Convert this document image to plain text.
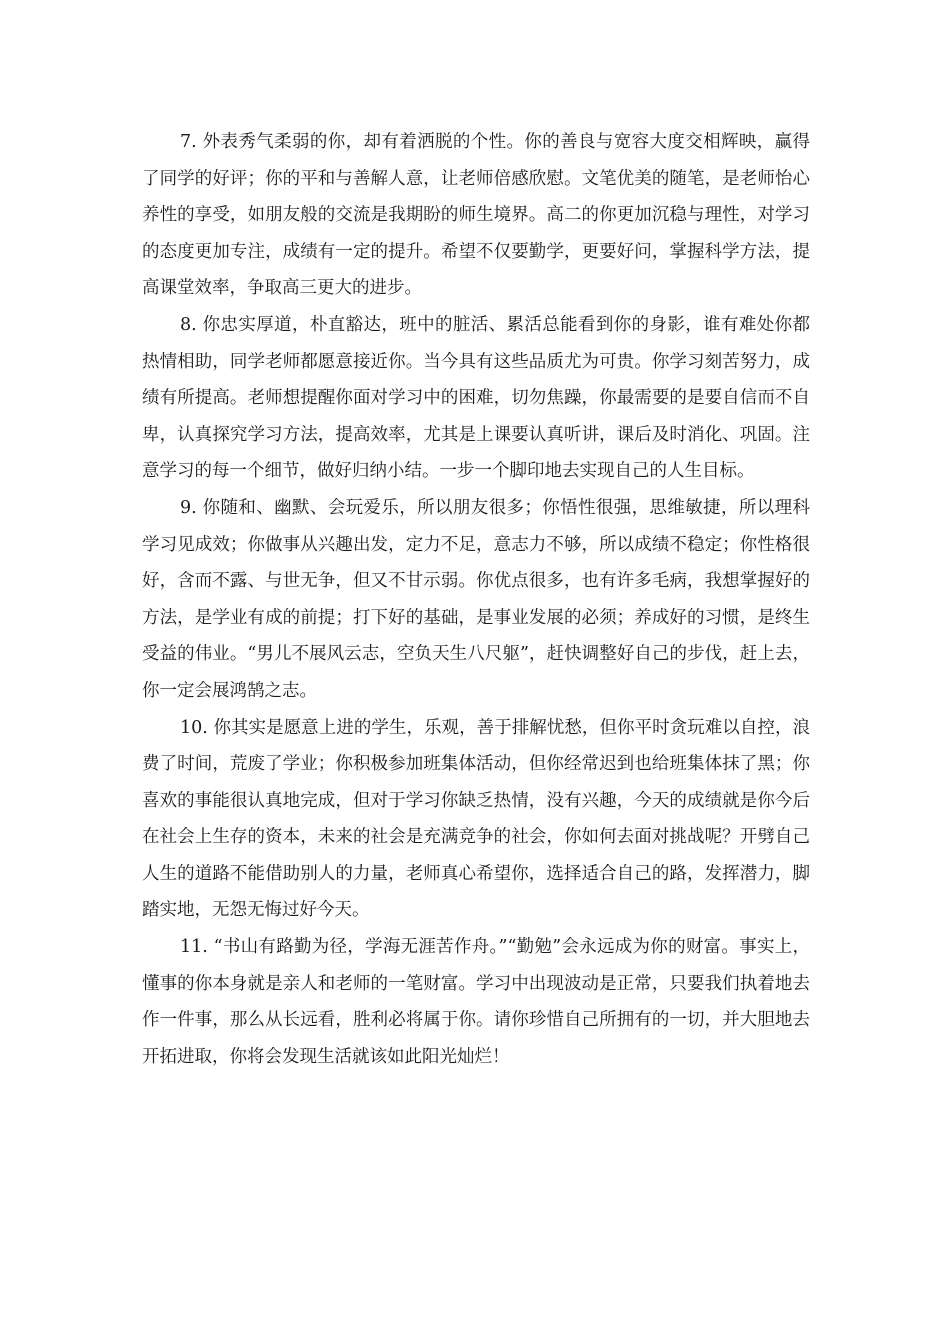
7. 外表秀气柔弱的你，却有着洒脱的个性。你的善良与宽容大度交相辉映，赢得了同学的好评；你的平和与善解人意，让老师倍感欣慰。文笔优美的随笔，是老师怡心养性的享受，如朋友般的交流是我期盼的师生境界。高二的你更加沉稳与理性，对学习的态度更加专注，成绩有一定的提升。希望不仅要勤学，更要好问，掌握科学方法，提高课堂效率，争取高三更大的进步。

8. 你忠实厚道，朴直豁达，班中的脏活、累活总能看到你的身影，谁有难处你都热情相助，同学老师都愿意接近你。当今具有这些品质尤为可贵。你学习刻苦努力，成绩有所提高。老师想提醒你面对学习中的困难，切勿焦躁，你最需要的是要自信而不自卑，认真探究学习方法，提高效率，尤其是上课要认真听讲，课后及时消化、巩固。注意学习的每一个细节，做好归纳小结。一步一个脚印地去实现自己的人生目标。

9. 你随和、幽默、会玩爱乐，所以朋友很多；你悟性很强，思维敏捷，所以理科学习见成效；你做事从兴趣出发，定力不足，意志力不够，所以成绩不稳定；你性格很好，含而不露、与世无争，但又不甘示弱。你优点很多，也有许多毛病，我想掌握好的方法，是学业有成的前提；打下好的基础，是事业发展的必须；养成好的习惯，是终生受益的伟业。“男儿不展风云志，空负天生八尺躯”，赶快调整好自己的步伐，赶上去，你一定会展鸿鹄之志。

10. 你其实是愿意上进的学生，乐观，善于排解忧愁，但你平时贪玩难以自控，浪费了时间，荒废了学业；你积极参加班集体活动，但你经常迟到也给班集体抹了黑；你喜欢的事能很认真地完成，但对于学习你缺乏热情，没有兴趣，今天的成绩就是你今后在社会上生存的资本，未来的社会是充满竞争的社会，你如何去面对挑战呢？开劈自己人生的道路不能借助别人的力量，老师真心希望你，选择适合自己的路，发挥潜力，脚踏实地，无怨无悔过好今天。

11. “书山有路勤为径，学海无涯苦作舟。”“勤勉”会永远成为你的财富。事实上，懂事的你本身就是亲人和老师的一笔财富。学习中出现波动是正常，只要我们执着地去作一件事，那么从长远看，胜利必将属于你。请你珍惜自己所拥有的一切，并大胆地去开拓进取，你将会发现生活就该如此阳光灿烂！
